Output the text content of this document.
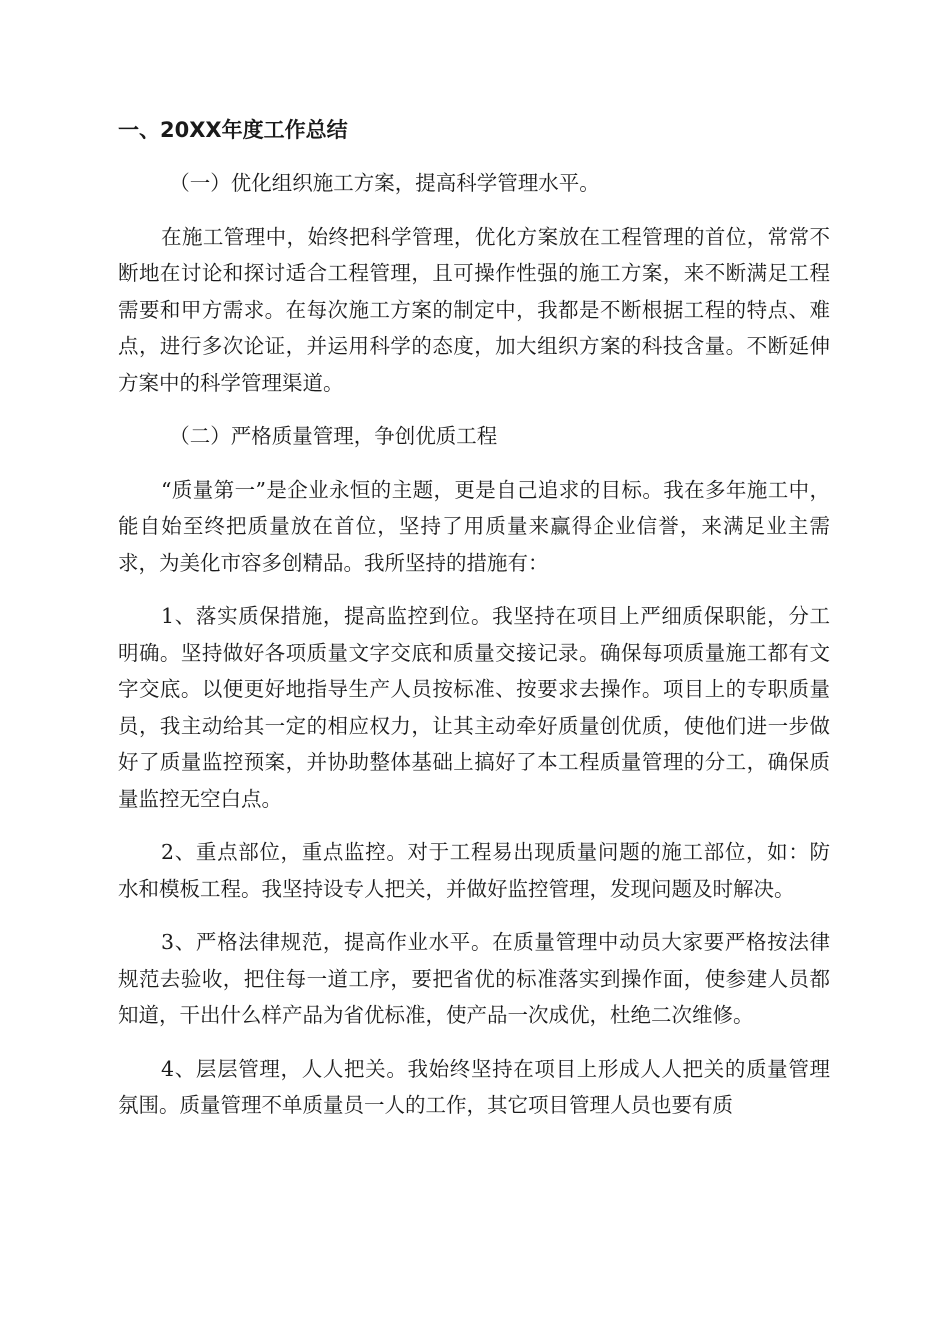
一、20XX年度工作总结

（一）优化组织施工方案，提高科学管理水平。

在施工管理中，始终把科学管理，优化方案放在工程管理的首位，常常不断地在讨论和探讨适合工程管理，且可操作性强的施工方案，来不断满足工程需要和甲方需求。在每次施工方案的制定中，我都是不断根据工程的特点、难点，进行多次论证，并运用科学的态度，加大组织方案的科技含量。不断延伸方案中的科学管理渠道。

（二）严格质量管理，争创优质工程

“质量第一”是企业永恒的主题，更是自己追求的目标。我在多年施工中，能自始至终把质量放在首位，坚持了用质量来赢得企业信誉，来满足业主需求，为美化市容多创精品。我所坚持的措施有：

1、落实质保措施，提高监控到位。我坚持在项目上严细质保职能，分工明确。坚持做好各项质量文字交底和质量交接记录。确保每项质量施工都有文字交底。以便更好地指导生产人员按标准、按要求去操作。项目上的专职质量员，我主动给其一定的相应权力，让其主动牵好质量创优质，使他们进一步做好了质量监控预案，并协助整体基础上搞好了本工程质量管理的分工，确保质量监控无空白点。

2、重点部位，重点监控。对于工程易出现质量问题的施工部位，如：防水和模板工程。我坚持设专人把关，并做好监控管理，发现问题及时解决。

3、严格法律规范，提高作业水平。在质量管理中动员大家要严格按法律规范去验收，把住每一道工序，要把省优的标准落实到操作面，使参建人员都知道，干出什么样产品为省优标准，使产品一次成优，杜绝二次维修。

4、层层管理，人人把关。我始终坚持在项目上形成人人把关的质量管理氛围。质量管理不单质量员一人的工作，其它项目管理人员也要有质
